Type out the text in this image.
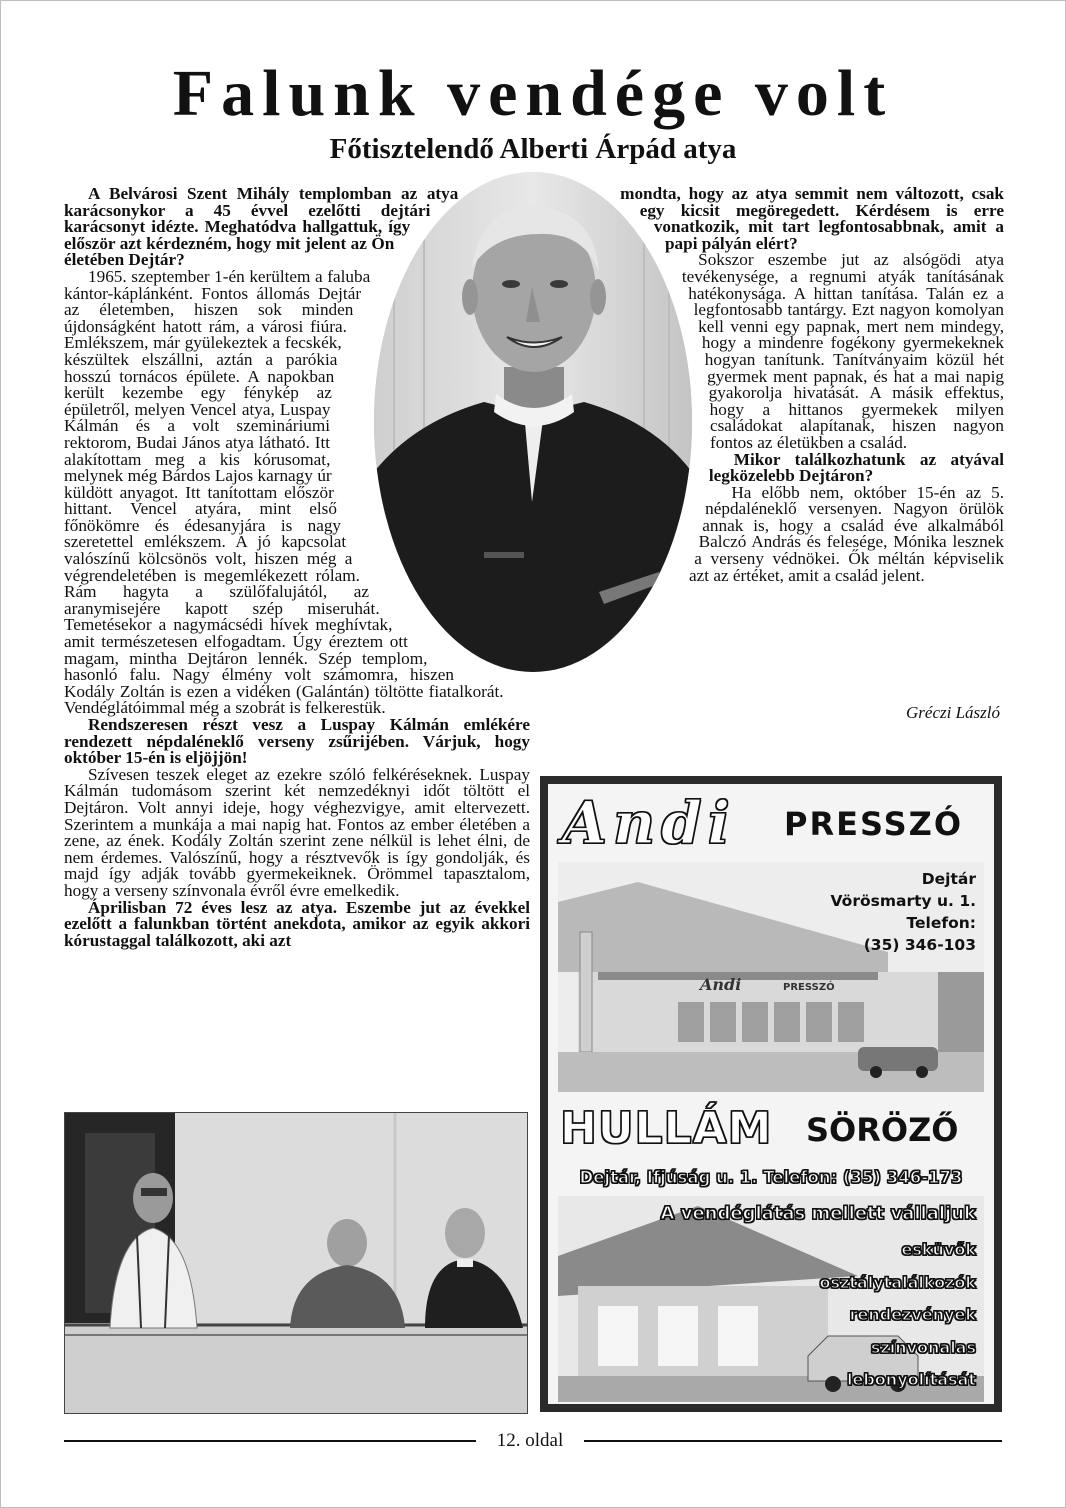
Falunk vendége volt
Főtisztelendő Alberti Árpád atya

A Belvárosi Szent Mihály templomban az atya karácsonykor a 45 évvel ezelőtti dejtári karácsonyt idézte. Meghatódva hallgattuk, így először azt kérdezném, hogy mit jelent az Ön életében Dejtár?

1965. szeptember 1-én kerültem a faluba kántor-káplánként. Fontos állomás Dejtár az életemben, hiszen sok minden újdonságként hatott rám, a városi fiúra. Emlékszem, már gyülekeztek a fecskék, készültek elszállni, aztán a parókia hosszú tornácos épülete. A napokban került kezembe egy fénykép az épületről, melyen Vencel atya, Luspay Kálmán és a volt szemináriumi rektorom, Budai János atya látható. Itt alakítottam meg a kis kórusomat, melynek még Bárdos Lajos karnagy úr küldött anyagot. Itt tanítottam először hittant. Vencel atyára, mint első főnökömre és édesanyjára is nagy szeretettel emlékszem. A jó kapcsolat valószínű kölcsönös volt, hiszen még a végrendeletében is megemlékezett rólam. Rám hagyta a szülőfalujától, az aranymisejére kapott szép miseruhát. Temetésekor a nagymácsédi hívek meghívtak, amit természetesen elfogadtam. Úgy éreztem ott magam, mintha Dejtáron lennék. Szép templom, hasonló falu. Nagy élmény volt számomra, hiszen Kodály Zoltán is ezen a vidéken (Galántán) töltötte fiatalkorát. Vendéglátóimmal még a szobrát is felkerestük.

Rendszeresen részt vesz a Luspay Kálmán emlékére rendezett népdaléneklő verseny zsűrijében. Várjuk, hogy október 15-én is eljöjjön!

Szívesen teszek eleget az ezekre szóló felkéréseknek. Luspay Kálmán tudomásom szerint két nemzedéknyi időt töltött el Dejtáron. Volt annyi ideje, hogy véghezvigye, amit eltervezett. Szerintem a munkája a mai napig hat. Fontos az ember életében a zene, az ének. Kodály Zoltán szerint zene nélkül is lehet élni, de nem érdemes. Valószínű, hogy a résztvevők is így gondolják, és majd így adják tovább gyermekeiknek. Örömmel tapasztalom, hogy a verseny színvonala évről évre emelkedik.

Áprilisban 72 éves lesz az atya. Eszembe jut az évekkel ezelőtt a falunkban történt anekdota, amikor az egyik akkori kórustaggal találkozott, aki azt

mondta, hogy az atya semmit nem változott, csak egy kicsit megöregedett. Kérdésem is erre vonatkozik, mit tart legfontosabbnak, amit a papi pályán elért?

Sokszor eszembe jut az alsógödi atya tevékenysége, a regnumi atyák tanításának hatékonysága. A hittan tanítása. Talán ez a legfontosabb tantárgy. Ezt nagyon komolyan kell venni egy papnak, mert nem mindegy, hogy a mindenre fogékony gyermekeknek hogyan tanítunk. Tanítványaim közül hét gyermek ment papnak, és hat a mai napig gyakorolja hivatását. A másik effektus, hogy a hittanos gyermekek milyen családokat alapítanak, hiszen nagyon fontos az életükben a család.

Mikor találkozhatunk az atyával legközelebb Dejtáron?

Ha előbb nem, október 15-én az 5. népdaléneklő versenyen. Nagyon örülök annak is, hogy a család éve alkalmából Balczó András és felesége, Mónika lesznek a verseny védnökei. Ők méltán képviselik azt az értéket, amit a család jelent.

Gréczi László
Andi PRESSZÓ
Andi	PRESSZÓ
Dejtár
Vörösmarty u. 1.
Telefon:
(35) 346-103
HULLÁM SÖRÖZŐ
Dejtár, Ifjúság u. 1. Telefon: (35) 346-173
A vendéglátás mellett vállaljuk
esküvők
osztálytalálkozók
rendezvények
színvonalas
lebonyolítását
12. oldal
